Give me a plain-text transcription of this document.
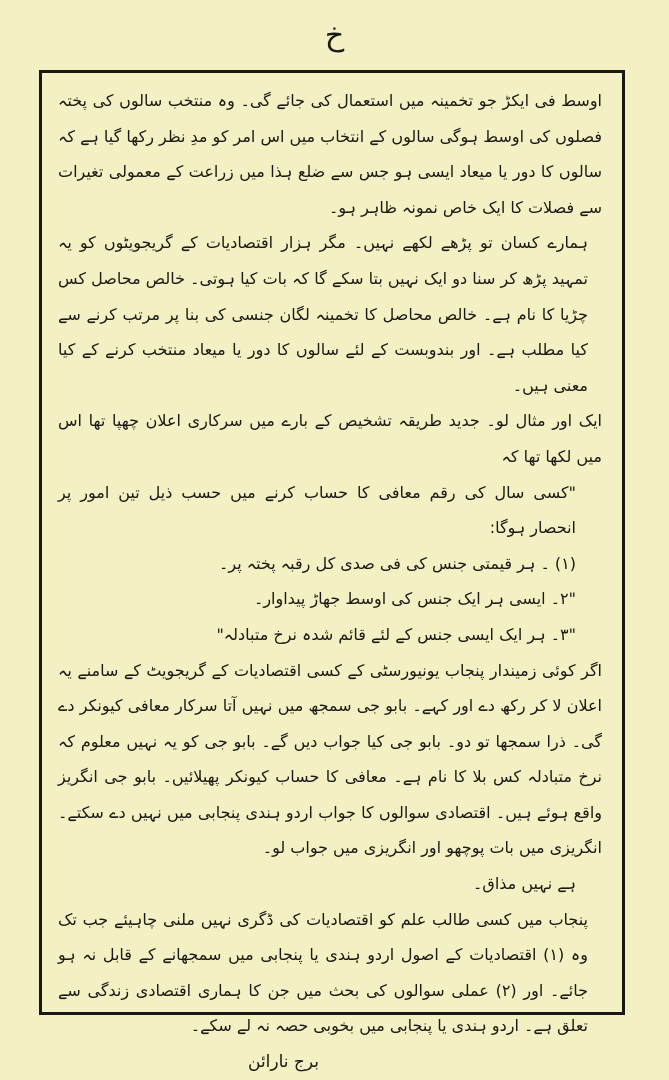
خ

اوسط فی ایکڑ جو تخمینہ میں استعمال کی جائے گی۔ وہ منتخب سالوں کی پختہ فصلوں کی اوسط ہوگی سالوں کے انتخاب میں اس امر کو مدِ نظر رکھا گیا ہے کہ سالوں کا دور یا میعاد ایسی ہو جس سے ضلع ہذا میں زراعت کے معمولی تغیرات سے فصلات کا ایک خاص نمونہ ظاہر ہو۔

ہمارے کسان تو پڑھے لکھے نہیں۔ مگر ہزار اقتصادیات کے گریجویٹوں کو یہ تمہید پڑھ کر سنا دو ایک نہیں بتا سکے گا کہ بات کیا ہوتی۔ خالص محاصل کس چڑیا کا نام ہے۔ خالص محاصل کا تخمینہ لگان جنسی کی بنا پر مرتب کرنے سے کیا مطلب ہے۔ اور بندوبست کے لئے سالوں کا دور یا میعاد منتخب کرنے کے کیا معنی ہیں۔

ایک اور مثال لو۔ جدید طریقہ تشخیص کے بارے میں سرکاری اعلان چھپا تھا اس میں لکھا تھا کہ

"کسی سال کی رقم معافی کا حساب کرنے میں حسب ذیل تین امور پر انحصار ہوگا:

(۱) ۔ ہر قیمتی جنس کی فی صدی کل رقبہ پختہ پر۔

"۲۔ ایسی ہر ایک جنس کی اوسط جھاڑ پیداوار۔

"۳۔ ہر ایک ایسی جنس کے لئے قائم شدہ نرخ متبادلہ"

اگر کوئی زمیندار پنجاب یونیورسٹی کے کسی اقتصادیات کے گریجویٹ کے سامنے یہ اعلان لا کر رکھ دے اور کہے۔ بابو جی سمجھ میں نہیں آتا سرکار معافی کیونکر دے گی۔ ذرا سمجھا تو دو۔ بابو جی کیا جواب دیں گے۔ بابو جی کو یہ نہیں معلوم کہ نرخ متبادلہ کس بلا کا نام ہے۔ معافی کا حساب کیونکر پھیلائیں۔ بابو جی انگریز واقع ہوئے ہیں۔ اقتصادی سوالوں کا جواب اردو ہندی پنجابی میں نہیں دے سکتے۔ انگریزی میں بات پوچھو اور انگریزی میں جواب لو۔

ہے نہیں مذاق۔

پنجاب میں کسی طالب علم کو اقتصادیات کی ڈگری نہیں ملنی چاہیئے جب تک وہ (۱) اقتصادیات کے اصول اردو ہندی یا پنجابی میں سمجھانے کے قابل نہ ہو جائے۔ اور (۲) عملی سوالوں کی بحث میں جن کا ہماری اقتصادی زندگی سے تعلق ہے۔ اردو ہندی یا پنجابی میں بخوبی حصہ نہ لے سکے۔

برج نارائن
